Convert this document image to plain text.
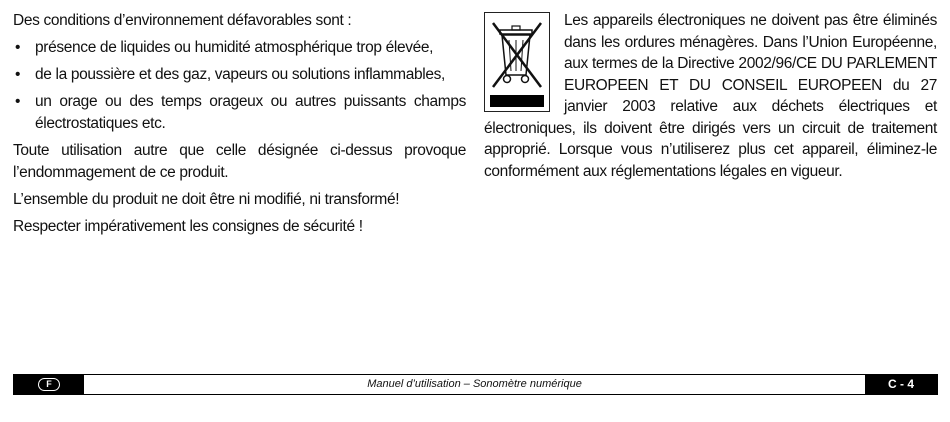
Des conditions d’environnement défavorables sont :

• présence de liquides ou humidité atmosphérique trop élevée,
• de la poussière et des gaz, vapeurs ou solutions inflammables,
• un orage ou des temps orageux ou autres puissants champs électrostatiques etc.

Toute utilisation autre que celle désignée ci-dessus provoque l’endommagement de ce produit.

L’ensemble du produit ne doit être ni modifié, ni transformé!

Respecter impérativement les consignes de sécurité !

Les appareils électroniques ne doivent pas être éliminés dans les ordures ménagères. Dans l’Union Européenne, aux termes de la Directive 2002/96/CE DU PARLEMENT EUROPEEN ET DU CONSEIL EUROPEEN du 27 janvier 2003 relative aux déchets électriques et électroniques, ils doivent être dirigés vers un circuit de traitement approprié. Lorsque vous n’utiliserez plus cet appareil, éliminez-le conformément aux réglementations légales en vigueur.
F	Manuel d’utilisation – Sonomètre numérique	C - 4
